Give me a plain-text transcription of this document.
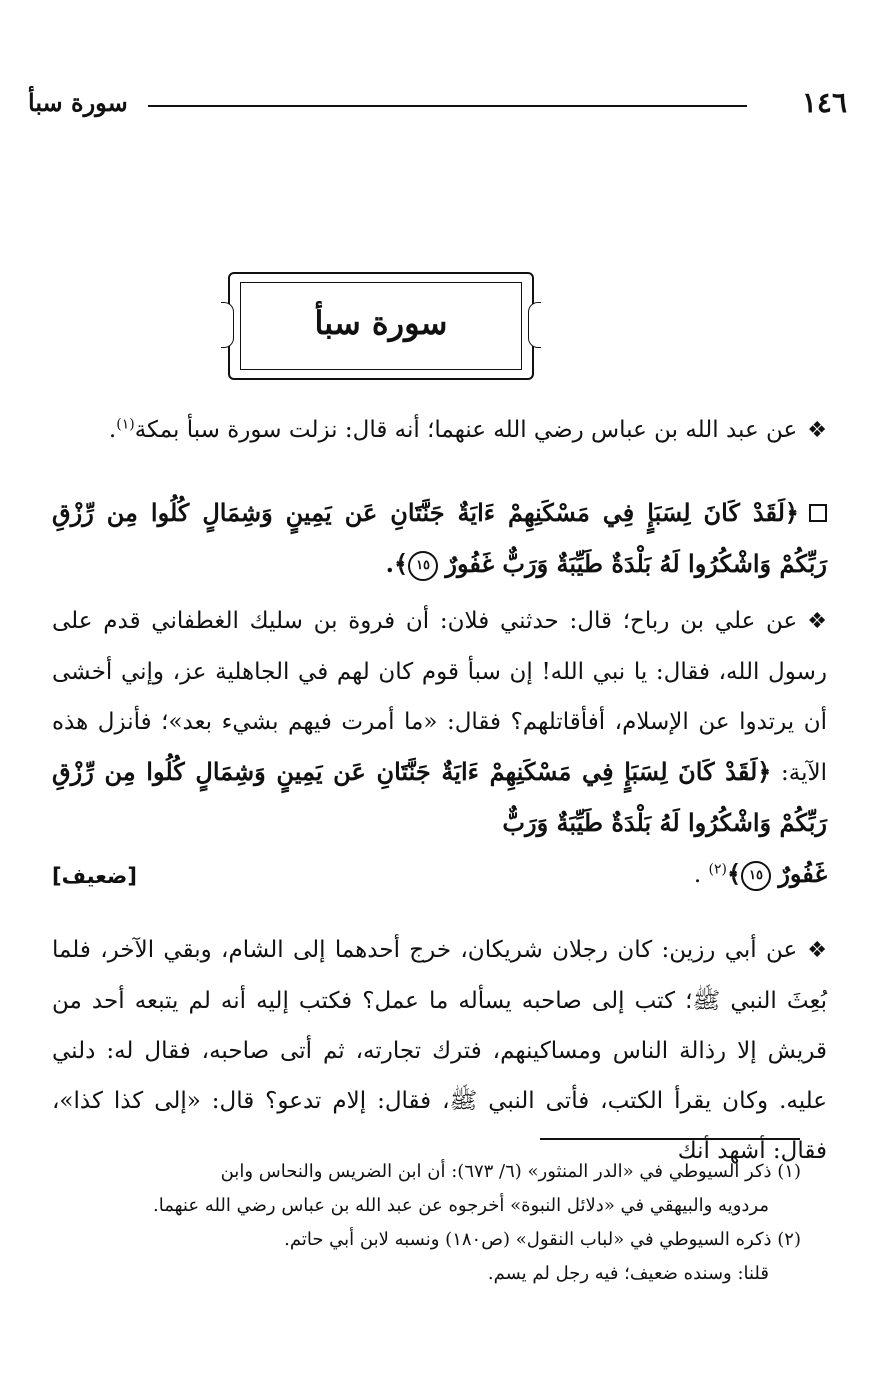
سورة سبأ	١٤٦
سورة سبأ

❖عن عبد الله بن عباس رضي الله عنهما؛ أنه قال: نزلت سورة سبأ بمكة$^{(١)}$.

﴿لَقَدْ كَانَ لِسَبَإٍ فِي مَسْكَنِهِمْ ءَايَةٌ جَنَّتَانِ عَن يَمِينٍ وَشِمَالٍ كُلُوا مِن رِّزْقِ رَبِّكُمْ وَاشْكُرُوا لَهُ بَلْدَةٌ طَيِّبَةٌ وَرَبٌّ غَفُورٌ ١٥﴾.

❖عن علي بن رباح؛ قال: حدثني فلان: أن فروة بن سليك الغطفاني قدم على رسول الله، فقال: يا نبي الله! إن سبأ قوم كان لهم في الجاهلية عز، وإني أخشى أن يرتدوا عن الإسلام، أفأقاتلهم؟ فقال: «ما أمرت فيهم بشيء بعد»؛ فأنزل هذه الآية: ﴿لَقَدْ كَانَ لِسَبَإٍ فِي مَسْكَنِهِمْ ءَايَةٌ جَنَّتَانِ عَن يَمِينٍ وَشِمَالٍ كُلُوا مِن رِّزْقِ رَبِّكُمْ وَاشْكُرُوا لَهُ بَلْدَةٌ طَيِّبَةٌ وَرَبٌّ

غَفُورٌ ١٥﴾$^{(٢)}$ .
[ضعيف]

❖عن أبي رزين: كان رجلان شريكان، خرج أحدهما إلى الشام، وبقي الآخر، فلما بُعِثَ النبي ﷺ؛ كتب إلى صاحبه يسأله ما عمل؟ فكتب إليه أنه لم يتبعه أحد من قريش إلا رذالة الناس ومساكينهم، فترك تجارته، ثم أتى صاحبه، فقال له: دلني عليه. وكان يقرأ الكتب، فأتى النبي ﷺ، فقال: إلام تدعو؟ قال: «إلى كذا كذا»، فقال: أشهد أنك

(١) ذكر السيوطي في «الدر المنثور» (٦/ ٦٧٣): أن ابن الضريس والنحاس وابن

مردويه والبيهقي في «دلائل النبوة» أخرجوه عن عبد الله بن عباس رضي الله عنهما.

(٢) ذكره السيوطي في «لباب النقول» (ص١٨٠) ونسبه لابن أبي حاتم.

قلنا: وسنده ضعيف؛ فيه رجل لم يسم.
